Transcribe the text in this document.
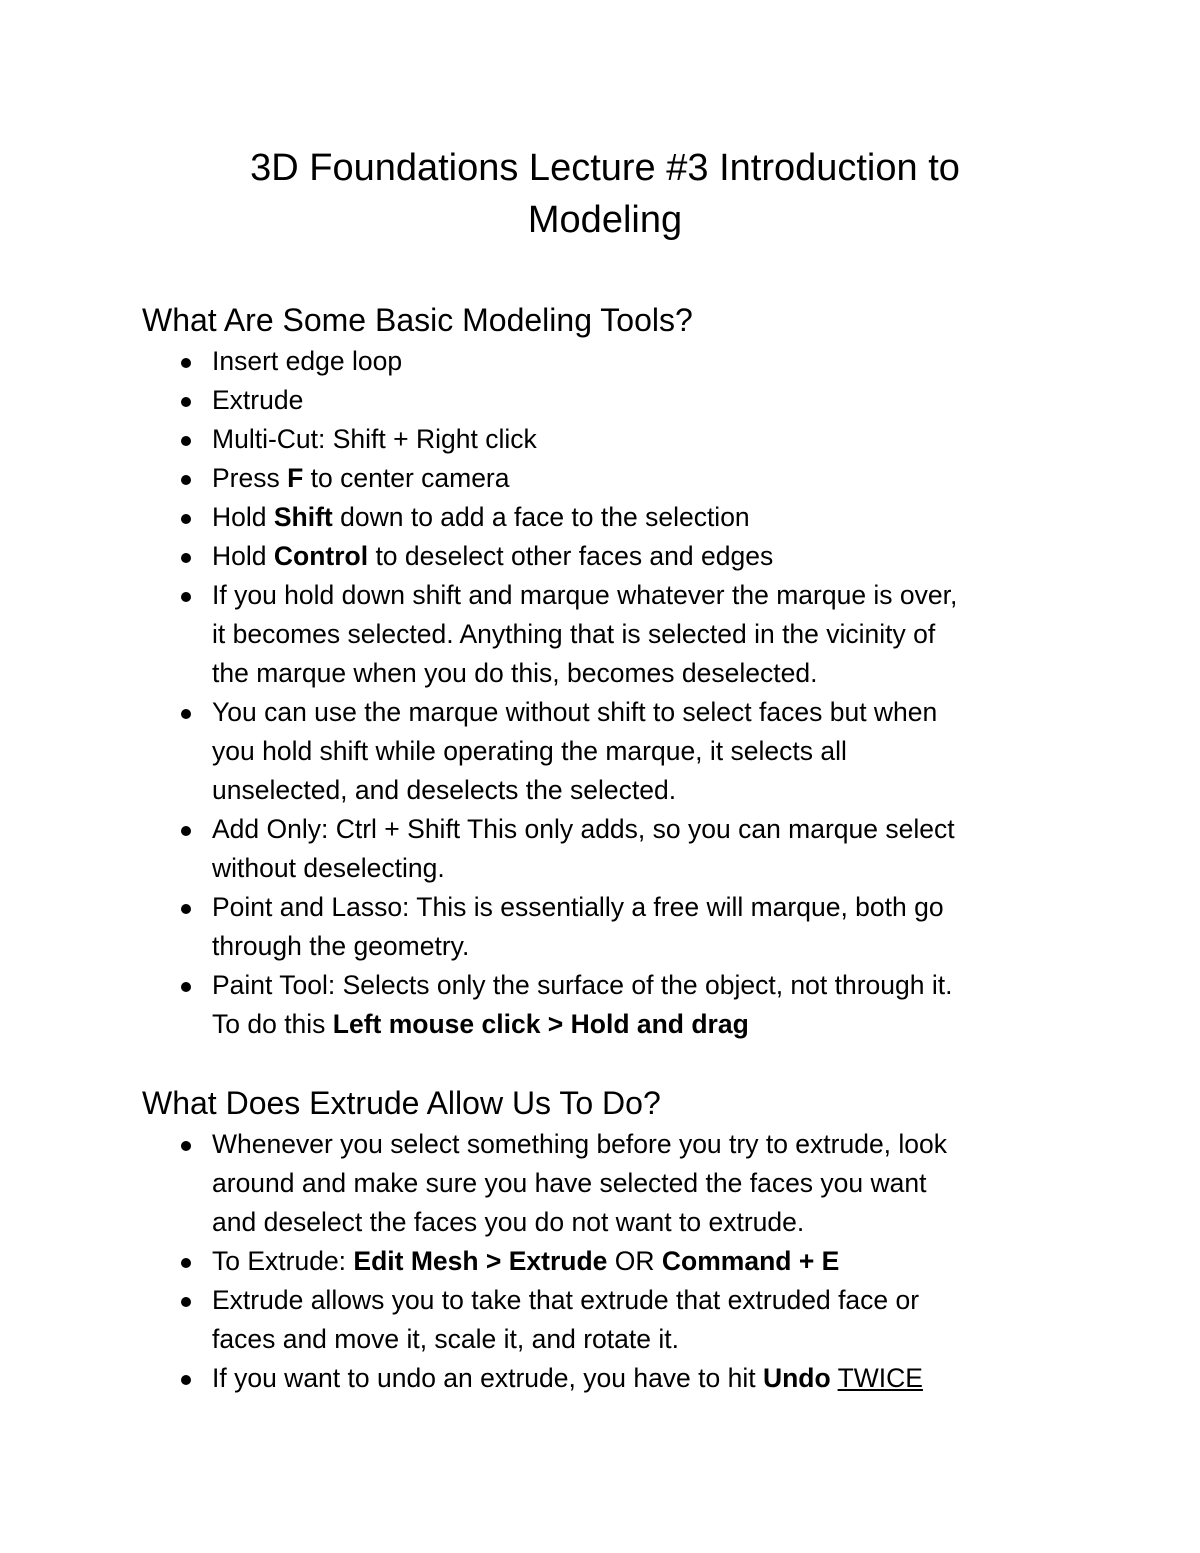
3D Foundations Lecture #3 Introduction to
Modeling
What Are Some Basic Modeling Tools?
Insert edge loop
Extrude
Multi-Cut: Shift + Right click
Press F to center camera
Hold Shift down to add a face to the selection
Hold Control to deselect other faces and edges
If you hold down shift and marque whatever the marque is over,
it becomes selected. Anything that is selected in the vicinity of
the marque when you do this, becomes deselected.
You can use the marque without shift to select faces but when
you hold shift while operating the marque, it selects all
unselected, and deselects the selected.
Add Only: Ctrl + Shift This only adds, so you can marque select
without deselecting.
Point and Lasso: This is essentially a free will marque, both go
through the geometry.
Paint Tool: Selects only the surface of the object, not through it.
To do this Left mouse click > Hold and drag
What Does Extrude Allow Us To Do?
Whenever you select something before you try to extrude, look
around and make sure you have selected the faces you want
and deselect the faces you do not want to extrude.
To Extrude: Edit Mesh > Extrude OR Command + E
Extrude allows you to take that extrude that extruded face or
faces and move it, scale it, and rotate it.
If you want to undo an extrude, you have to hit Undo TWICE
